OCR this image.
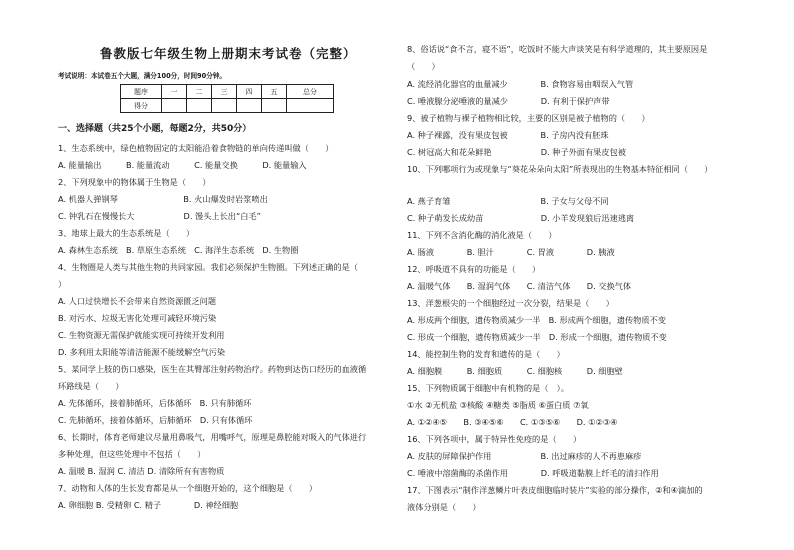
鲁教版七年级生物上册期末考试卷（完整）
考试说明：本试卷五个大题，满分100分，时间90分钟。
题序	一	二	三	四	五	总分
得分						
一、选择题（共25个小题，每题2分，共50分）
1、生态系统中，绿色植物固定的太阳能沿着食物链的单向传递叫做（　　）
A. 能量输出　　　B. 能量流动　　　C. 能量交换　　　D. 能量输入
2、下列现象中的物体属于生物是（　　）
A. 机器人弹钢琴　　　　　　　　B. 火山爆发时岩浆喷出
C. 钟乳石在慢慢长大　　　　　　D. 馒头上长出“白毛”
3、地球上最大的生态系统是（　　）
A. 森林生态系统　B. 草原生态系统　C. 海洋生态系统　D. 生物圈
4、生物圈是人类与其他生物的共同家园。我们必须保护生物圈。下列述正确的是（
）
A. 人口过快增长不会带来自然资源匮乏问题
B. 对污水、垃圾无害化处理可减轻环境污染
C. 生物资源无需保护就能实现可持续开发利用
D. 多利用太阳能等清洁能源不能缓解空气污染
5、某同学上肢的伤口感染，医生在其臀部注射药物治疗。药物到达伤口经历的血液循
环路线是（　　）
A. 先体循环，接着肺循环，后体循环　B. 只有肺循环
C. 先肺循环，接着体循环，后肺循环　D. 只有体循环
6、长期时，体育老师建议尽量用鼻吸气，用嘴呼气，原理是鼻腔能对吸入的气体进行
多种处理，但这些处理中不包括（　　）
A. 温暖 B. 湿润 C. 清洁 D. 清除所有有害物质
7、动物和人体的生长发育都是从一个细胞开始的，这个细胞是（　　）
A. 卵细胞 B. 受精卵 C. 精子　　　　D. 神经细胞
8、俗话说“食不言，寝不语”，吃饭时不能大声谈笑是有科学道理的，其主要原因是
（　　）
A. 流经消化器官的血量减少　　　　B. 食物容易由咽误入气管
C. 唾液腺分泌唾液的量减少　　　　D. 有利于保护声带
9、被子植物与裸子植物相比较，主要的区别是被子植物的（　　）
A. 种子裸露，没有果皮包被　　　　B. 子房内没有胚珠
C. 树冠高大和花朵鲜艳　　　　　　D. 种子外面有果皮包被
10、下列哪项行为或现象与“葵花朵朵向太阳”所表现出的生物基本特征相同（　　）
A. 燕子育雏　　　　　　　　　　　B. 子女与父母不同
C. 种子萌发长成幼苗　　　　　　　D. 小羊发现狼后迅速逃离
11、下列不含消化酶的消化液是（　　）
A. 肠液　　　　B. 胆汁　　　　C. 胃液　　　　D. 胰液
12、呼吸道不具有的功能是（　　）
A. 温暖气体　　B. 湿润气体　　C. 清洁气体　　D. 交换气体
13、洋葱根尖的一个细胞经过一次分裂，结果是（　　）
A. 形成两个细胞，遗传物质减少一半　B. 形成两个细胞，遗传物质不变
C. 形成一个细胞，遗传物质减少一半　D. 形成一个细胞，遗传物质不变
14、能控制生物的发育和遗传的是（　　）
A. 细胞膜　　　B. 细胞质　　　C. 细胞核　　　D. 细胞壁
15、下列物质属于细胞中有机物的是（　）。
①水 ②无机盐 ③核酸 ④糖类 ⑤脂质 ⑥蛋白质 ⑦氧
A. ①②④⑤　　B. ③④⑤⑥　　C. ①③⑤⑥　　D. ①②③④
16、下列各项中，属于特异性免疫的是（　　）
A. 皮肤的屏障保护作用　　　　　　B. 出过麻疹的人不再患麻疹
C. 唾液中溶菌酶的杀菌作用　　　　D. 呼吸道黏膜上纤毛的清扫作用
17、下图表示“制作洋葱鳞片叶表皮细胞临时装片”实验的部分操作，②和④滴加的
液体分别是（　　）
